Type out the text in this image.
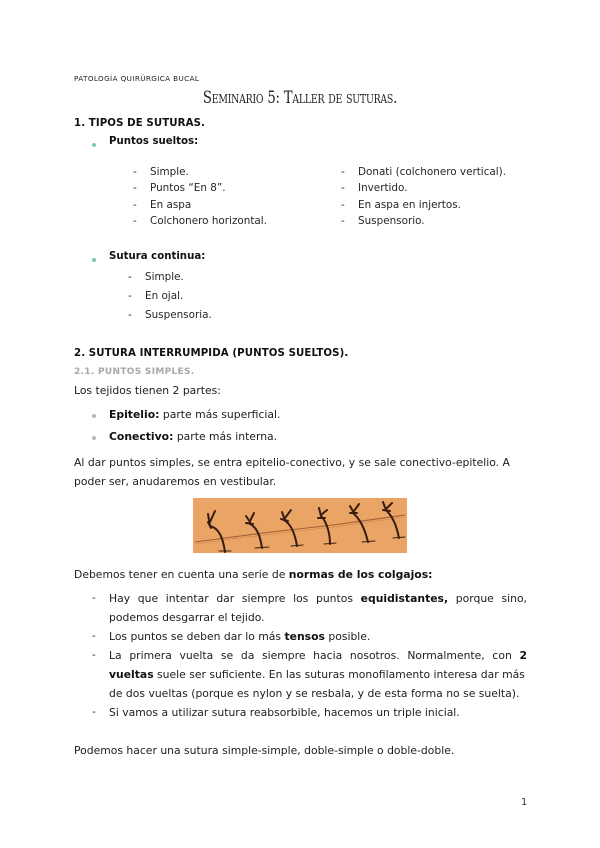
PATOLOGÍA QUIRÚRGICA BUCAL
Seminario 5: Taller de suturas.
1. TIPOS DE SUTURAS.
Puntos sueltos:
- Simple.
- Puntos “En 8”.
- En aspa
- Colchonero horizontal.
- Donati (colchonero vertical).
- Invertido.
- En aspa en injertos.
- Suspensorio.
Sutura continua:
- Simple.
- En ojal.
- Suspensoria.
2. SUTURA INTERRUMPIDA (PUNTOS SUELTOS).
2.1. PUNTOS SIMPLES.
Los tejidos tienen 2 partes:
Epitelio: parte más superficial.
Conectivo: parte más interna.
Al dar puntos simples, se entra epitelio-conectivo, y se sale conectivo-epitelio. A
poder ser, anudaremos en vestibular.
Debemos tener en cuenta una serie de normas de los colgajos:
- Hay que intentar dar siempre los puntos equidistantes, porque sino,
podemos desgarrar el tejido.
- Los puntos se deben dar lo más tensos posible.
- La primera vuelta se da siempre hacia nosotros. Normalmente, con 2
vueltas suele ser suficiente. En las suturas monofilamento interesa dar más
de dos vueltas (porque es nylon y se resbala, y de esta forma no se suelta).
- Si vamos a utilizar sutura reabsorbible, hacemos un triple inicial.
Podemos hacer una sutura simple-simple, doble-simple o doble-doble.
1
